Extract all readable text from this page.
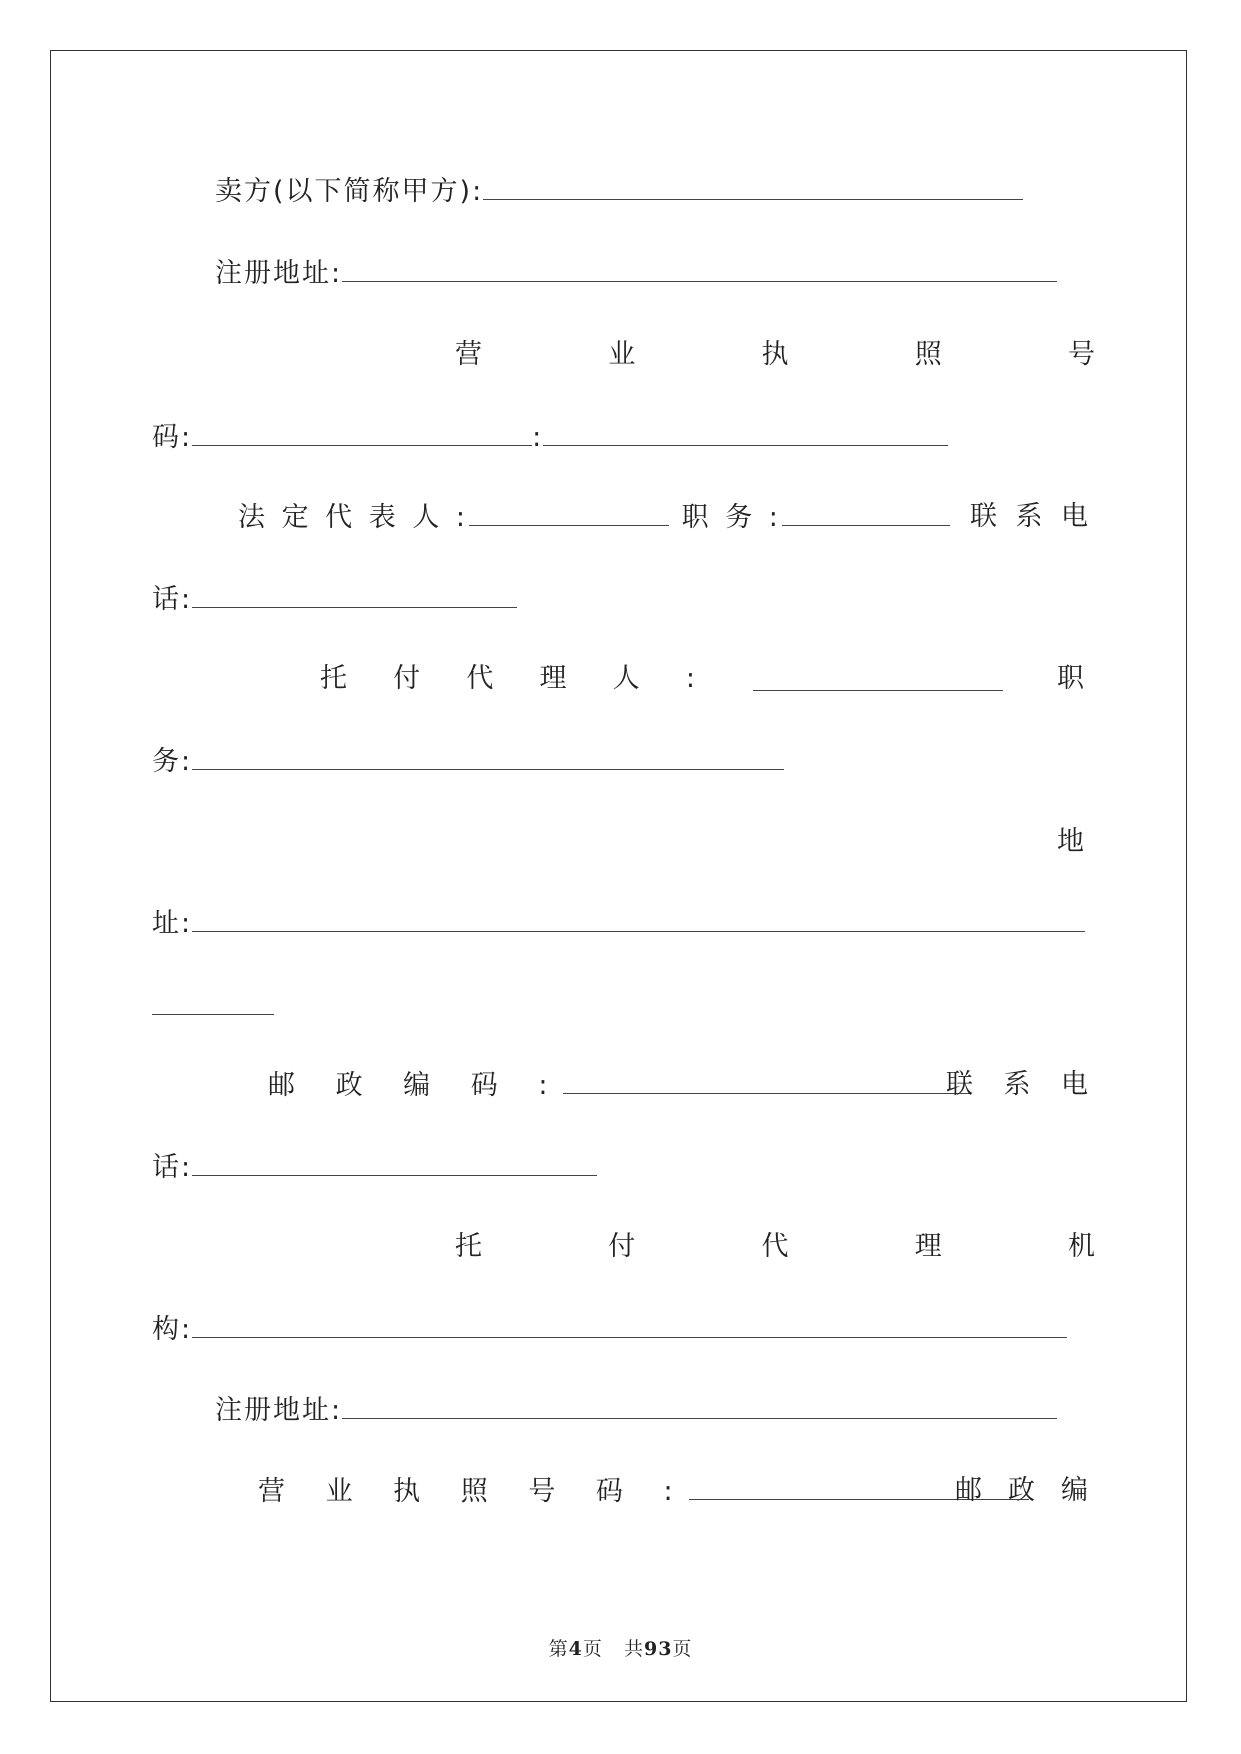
卖方(以下简称甲方):
注册地址:
营	业	执	照	号
码:	:
法 定 代 表 人 :	职 务 :	联 系 电
话:
托 付 代 理 人 :	职
务:
地
址:
邮 政 编 码 :	联 系 电
话:
托	付	代	理	机
构:
注册地址:
营 业 执 照 号 码 :	邮 政 编
第4页 共93页
